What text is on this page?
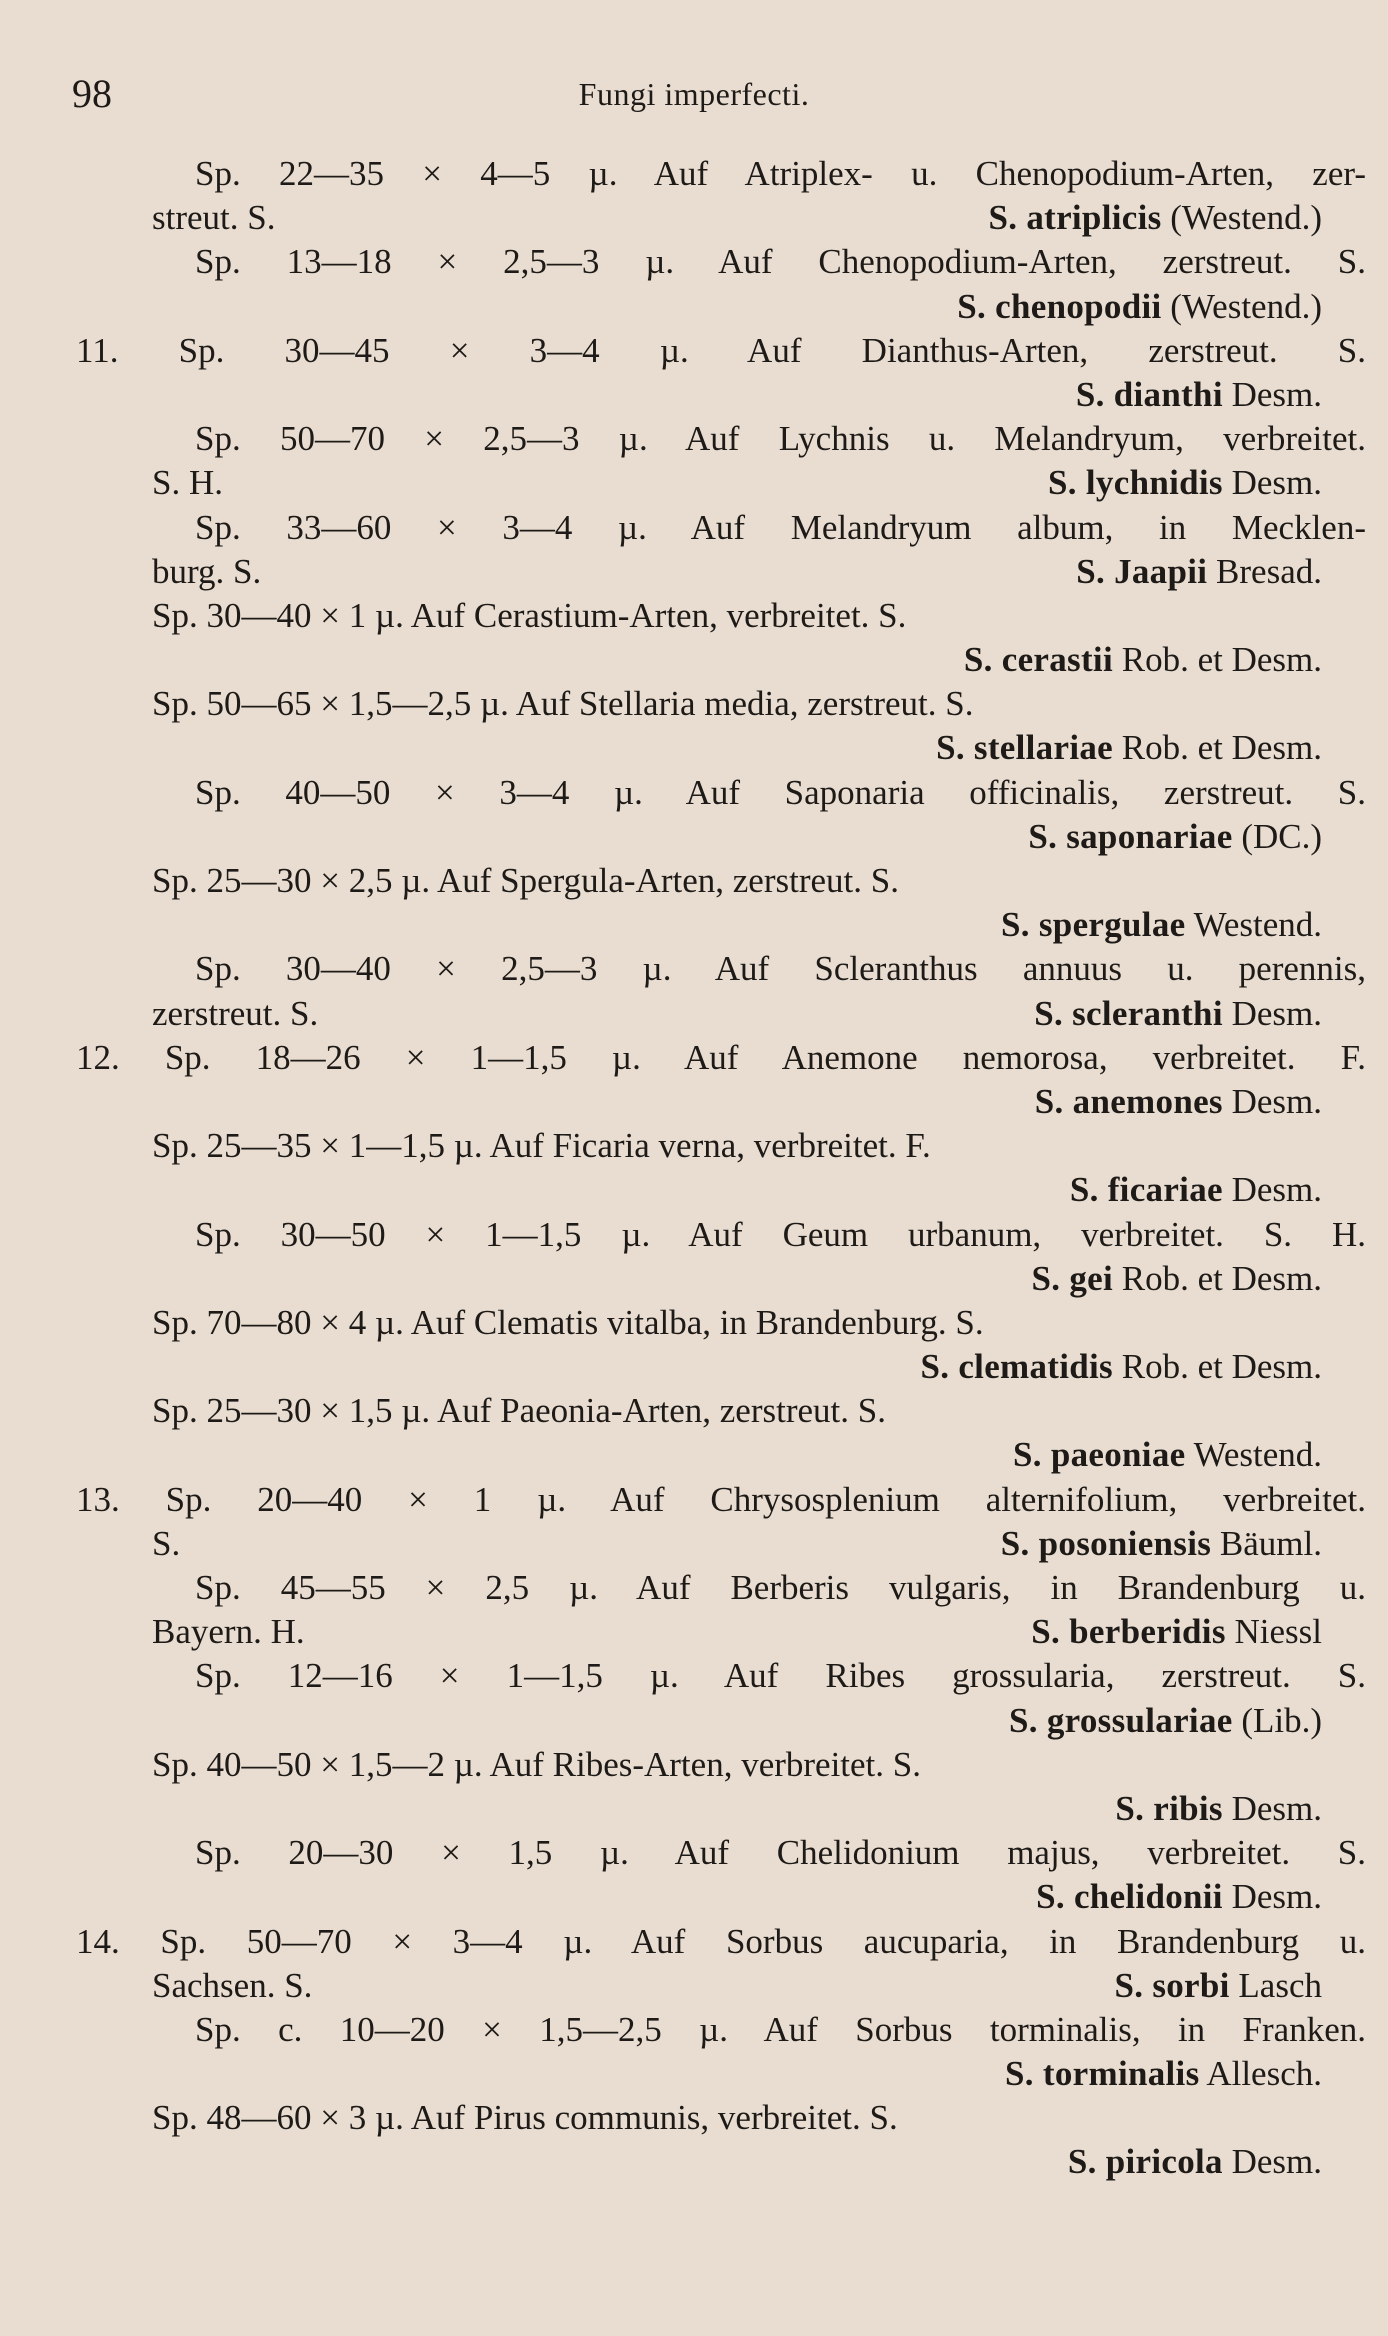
98	Fungi imperfecti.
Sp. 22—35 × 4—5 µ. Auf Atriplex- u. Chenopodium-Arten, zer-
streut. S.	S. atriplicis (Westend.)
Sp. 13—18 × 2,5—3 µ. Auf Chenopodium-Arten, zerstreut. S.
S. chenopodii (Westend.)
11. Sp. 30—45 × 3—4 µ. Auf Dianthus-Arten, zerstreut. S.
S. dianthi Desm.
Sp. 50—70 × 2,5—3 µ. Auf Lychnis u. Melandryum, verbreitet.
S. H.	S. lychnidis Desm.
Sp. 33—60 × 3—4 µ. Auf Melandryum album, in Mecklen-
burg. S.	S. Jaapii Bresad.
Sp. 30—40 × 1 µ. Auf Cerastium-Arten, verbreitet. S.
S. cerastii Rob. et Desm.
Sp. 50—65 × 1,5—2,5 µ. Auf Stellaria media, zerstreut. S.
S. stellariae Rob. et Desm.
Sp. 40—50 × 3—4 µ. Auf Saponaria officinalis, zerstreut. S.
S. saponariae (DC.)
Sp. 25—30 × 2,5 µ. Auf Spergula-Arten, zerstreut. S.
S. spergulae Westend.
Sp. 30—40 × 2,5—3 µ. Auf Scleranthus annuus u. perennis,
zerstreut. S.	S. scleranthi Desm.
12. Sp. 18—26 × 1—1,5 µ. Auf Anemone nemorosa, verbreitet. F.
S. anemones Desm.
Sp. 25—35 × 1—1,5 µ. Auf Ficaria verna, verbreitet. F.
S. ficariae Desm.
Sp. 30—50 × 1—1,5 µ. Auf Geum urbanum, verbreitet. S. H.
S. gei Rob. et Desm.
Sp. 70—80 × 4 µ. Auf Clematis vitalba, in Brandenburg. S.
S. clematidis Rob. et Desm.
Sp. 25—30 × 1,5 µ. Auf Paeonia-Arten, zerstreut. S.
S. paeoniae Westend.
13. Sp. 20—40 × 1 µ. Auf Chrysosplenium alternifolium, verbreitet.
S.	S. posoniensis Bäuml.
Sp. 45—55 × 2,5 µ. Auf Berberis vulgaris, in Brandenburg u.
Bayern. H.	S. berberidis Niessl
Sp. 12—16 × 1—1,5 µ. Auf Ribes grossularia, zerstreut. S.
S. grossulariae (Lib.)
Sp. 40—50 × 1,5—2 µ. Auf Ribes-Arten, verbreitet. S.
S. ribis Desm.
Sp. 20—30 × 1,5 µ. Auf Chelidonium majus, verbreitet. S.
S. chelidonii Desm.
14. Sp. 50—70 × 3—4 µ. Auf Sorbus aucuparia, in Brandenburg u.
Sachsen. S.	S. sorbi Lasch
Sp. c. 10—20 × 1,5—2,5 µ. Auf Sorbus torminalis, in Franken.
S. torminalis Allesch.
Sp. 48—60 × 3 µ. Auf Pirus communis, verbreitet. S.
S. piricola Desm.
